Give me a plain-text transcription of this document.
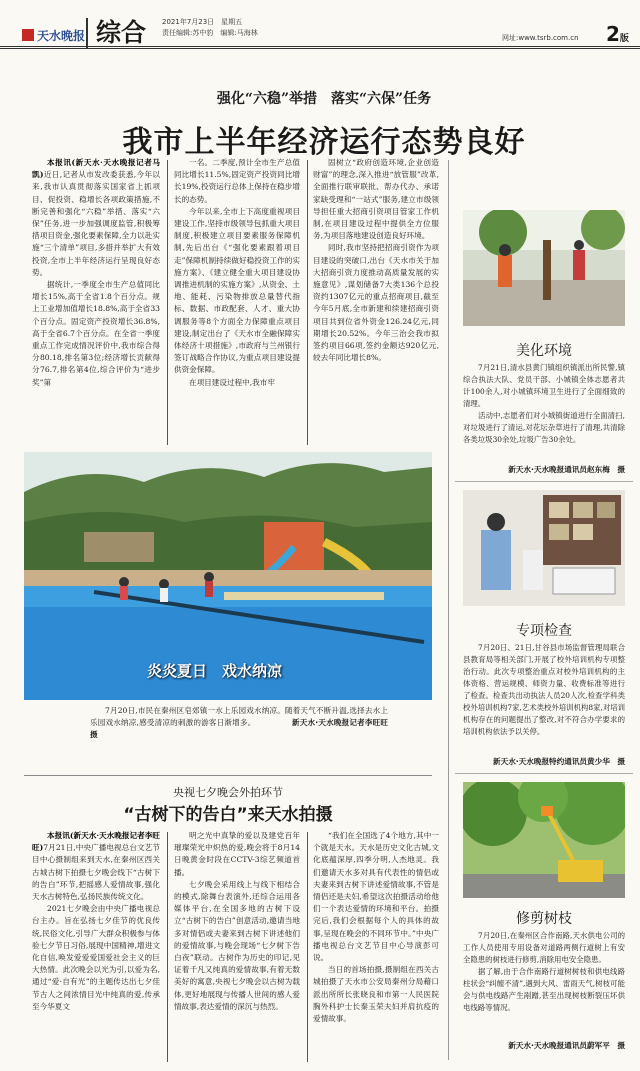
天水晚报 综合 2021年7月23日　星期五
责任编辑:苏中豹　编辑:马海林
网址:www.tsrb.com.cn 2版
强化“六稳”举措　落实“六保”任务
我市上半年经济运行态势良好

本报讯(新天水·天水晚报记者马凯)近日,记者从市发改委获悉,今年以来,我市认真贯彻落实国家省上抓项目、促投资、稳增长各项政策措施,不断完善和强化“六稳”举措、落实“六保”任务,进一步加强调度监管,积极筹措项目资金,强化要素保障,全力以赴实施“三个清单”项目,多措并举扩大有效投资,全市上半年经济运行呈现良好态势。

据统计,一季度全市生产总值同比增长15%,高于全省1.8个百分点。规上工业增加值增长18.8%,高于全省33个百分点。固定资产投资增长36.8%,高于全省6.7个百分点。在全省一季度重点工作完成情况评价中,我市综合得分80.18,排名第3位;经济增长贡献得分76.7,排名第4位,综合评价为“进步奖”第

一名。二季度,预计全市生产总值同比增长11.5%,固定资产投资同比增长19%,投资运行总体上保持在稳步增长的态势。

今年以来,全市上下高度重视项目建设工作,坚持市级领导包抓重大项目制度,积极建立项目要素服务保障机制,先后出台《“强化要素跟着项目走”保障机制持续做好稳投资工作的实施方案》、《建立健全重大项目建设协调推进机制的实施方案》,从资金、土地、能耗、污染物排放总量替代指标、数据、市政配套、人才、重大协调服务等8个方面全力保障重点项目建设,制定出台了《天水市全融保障实体经济十项措施》,市政府与兰州银行签订战略合作协议,为重点项目建设提供资金保障。

在项目建设过程中,我市牢

固树立“政府创造环境,企业创造财富”的理念,深入推进“放管服”改革,全面推行联审联批、帮办代办、承诺家缺受理和“一站式”服务,建立市级领导担任重大招商引资项目管家工作机制,在项目建设过程中提供全方位服务,为项目落地建设创造良好环境。

同时,我市坚持把招商引资作为项目建设的突破口,出台《天水市关于加大招商引资力度推动高质量发展的实施意见》,谋划储备7大类136个总投资约1307亿元的重点招商项目,截至今年5月底,全市新建和续建招商引资项目共到位省外资金126.24亿元,同期增长20.52%。今年三治会我市拟签约项目66项,签约金额达920亿元,较去年同比增长8%。

炎炎夏日　戏水纳凉
7月20日,市民在秦州区皂郊镇一水上乐园戏水纳凉。随着天气不断升温,选择去水上乐园戏水纳凉,感受清凉的刺激的游客日渐增多。	新天水·天水晚报记者李旺旺　摄
央视七夕晚会外拍环节
“古树下的告白”来天水拍摄

本报讯(新天水·天水晚报记者李旺旺)7月21日,中央广播电视总台文艺节目中心摄制组来到天水,在秦州区西关古城古树下拍摄七夕晚会线下“古树下的告白”环节,把摇感人爱情故事,强化天水古树特色,弘扬民族传统文化。

2021七夕晚会由中央广播电视总台主办。旨在弘扬七夕佳节的优良传统,民俗文化,引导广大群众积极参与体验七夕节日习俗,展现中国精神,增进文化自信,唤发爱爱爱国爱社会主义的巨大热情。此次晚会以光为引,以爱为名,通过“爱·自有光”的主题传达出七夕佳节古人之间浓情目光中纯真的爱,传承至今华夏文

明之光中真挚的爱以及建党百年璀璨荣光中炽热的爱,晚会将于8月14日晚黄金时段在CCTV-3综艺频道首播。

七夕晚会采用线上与线下相结合的模式,除舞台表演外,还综合运用各媒体平台,在全国多地的古树下设立“古树下的告白”创意活动,邀请当地多对情侣或夫妻来到古树下讲述他们的爱情故事,与晚会现场“七夕树下告白夜”联动。古树作为历史的印记,见证着千凡又纯真的爱情故事,有着无数美好的寓意,央视七夕晚会以古树为载体,更好地展现与传播人世间的感人爱情故事,表达爱情的深沉与热烈。

“我们在全国选了4个地方,其中一个就是天水。天水是历史文化古城,文化底蕴深厚,四季分明,人杰地灵。我们邀请天水多对具有代表性的情侣或夫妻来到古树下讲述爱情故事,不管是情侣还是夫妇,希望这次拍摄活动给他们一个表达爱情的环境和平台。拍摄完后,我们会根据每个人的具体的故事,呈现在晚会的不同环节中。”中央广播电视总台文艺节目中心导演彭可说。

当日的首场拍摄,摄制组在西关古城拍摄了天水市公安局秦州分局藉口派出所所长张晓良和市第一人民医院胸外科护士长秦玉荣夫妇并肩抗疫的爱情故事。

美化环境
7月21日,清水县黄门镇组织镇派出所民警,镇综合执法大队、党员干部、小城镇全体志愿者共计100余人,对小城镇环境卫生进行了全面细致的清理。
活动中,志愿者们对小城镇街道进行全面清扫,对垃圾进行了清运,对花坛杂草进行了清理,共清除各类垃圾30余处,垃圾广告30余处。
新天水·天水晚报通讯员赵东梅　摄
专项检查
7月20日、21日,甘谷县市场监督管理局联合县教育局等相关部门,开展了校外培训机构专项整治行动。此次专项整治重点对校外培训机构的主体资格、营运规模、师资力量、收费标准等进行了检查。检查共出动执法人员20人次,检查学科类校外培训机构7家,艺术类校外培训机构8家,对培训机构存在的问题提出了整改,对不符合办学要求的培训机构依法予以关停。
新天水·天水晚报特约通讯员黄少华　摄
修剪树枝
7月20日,在秦州区合作南路,天水供电公司的工作人员使用专用设备对道路两侧行道树上有安全隐患的树枝进行修剪,消除用电安全隐患。
据了解,由于合作南路行道树树枝和供电线路柱状会“纠缠不清”,遇到大风、雷雨天气,树枝可能会与供电线路产生剐蹭,甚至出现树枝断裂压坏供电线路等情况。
新天水·天水晚报通讯员蔚军平　摄
